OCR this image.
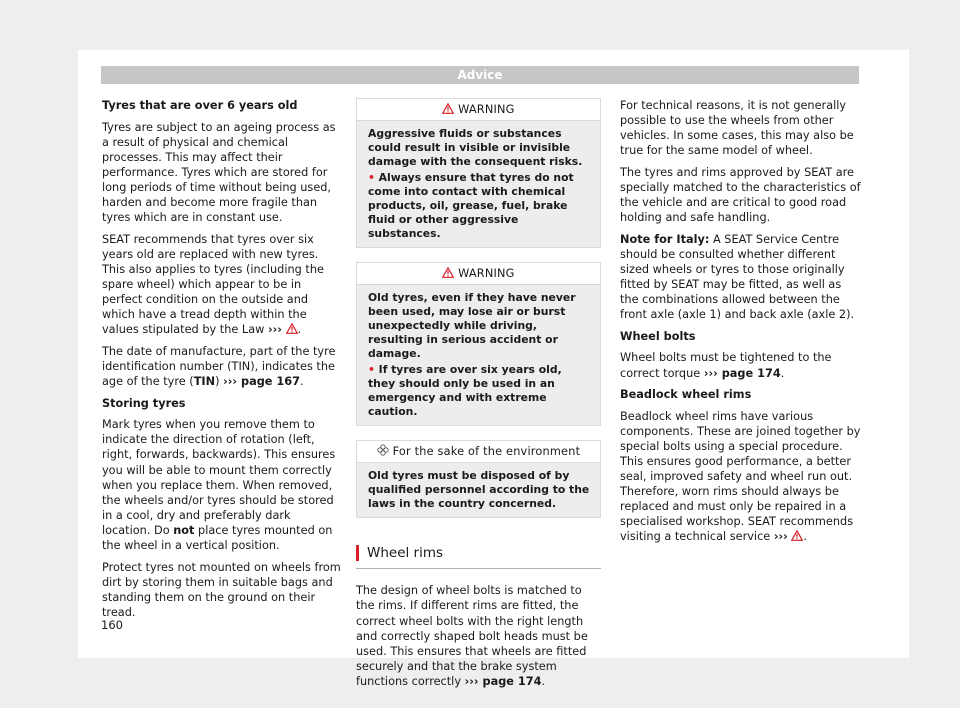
Advice

Tyres that are over 6 years old

Tyres are subject to an ageing process as a result of physical and chemical processes. This may affect their performance. Tyres which are stored for long periods of time without being used, harden and become more fragile than tyres which are in constant use.

SEAT recommends that tyres over six years old are replaced with new tyres. This also applies to tyres (including the spare wheel) which appear to be in perfect condition on the outside and which have a tread depth within the values stipulated by the Law ››› .

The date of manufacture, part of the tyre identification number (TIN), indicates the age of the tyre (TIN) ››› page 167.

Storing tyres

Mark tyres when you remove them to indicate the direction of rotation (left, right, forwards, backwards). This ensures you will be able to mount them correctly when you replace them. When removed, the wheels and/or tyres should be stored in a cool, dry and preferably dark location. Do not place tyres mounted on the wheel in a vertical position.

Protect tyres not mounted on wheels from dirt by storing them in suitable bags and standing them on the ground on their tread.

WARNING
Aggressive fluids or substances could result in visible or invisible damage with the consequent risks.
• Always ensure that tyres do not come into contact with chemical products, oil, grease, fuel, brake fluid or other aggressive substances.
WARNING
Old tyres, even if they have never been used, may lose air or burst unexpectedly while driving, resulting in serious accident or damage.
• If tyres are over six years old, they should only be used in an emergency and with extreme caution.
For the sake of the environment
Old tyres must be disposed of by qualified personnel according to the laws in the country concerned.
Wheel rims

The design of wheel bolts is matched to the rims. If different rims are fitted, the correct wheel bolts with the right length and correctly shaped bolt heads must be used. This ensures that wheels are fitted securely and that the brake system functions correctly ››› page 174.

For technical reasons, it is not generally possible to use the wheels from other vehicles. In some cases, this may also be true for the same model of wheel.

The tyres and rims approved by SEAT are specially matched to the characteristics of the vehicle and are critical to good road holding and safe handling.

Note for Italy: A SEAT Service Centre should be consulted whether different sized wheels or tyres to those originally fitted by SEAT may be fitted, as well as the combinations allowed between the front axle (axle 1) and back axle (axle 2).

Wheel bolts

Wheel bolts must be tightened to the correct torque ››› page 174.

Beadlock wheel rims

Beadlock wheel rims have various components. These are joined together by special bolts using a special procedure. This ensures good performance, a better seal, improved safety and wheel run out. Therefore, worn rims should always be replaced and must only be repaired in a specialised workshop. SEAT recommends visiting a technical service ››› .

160
